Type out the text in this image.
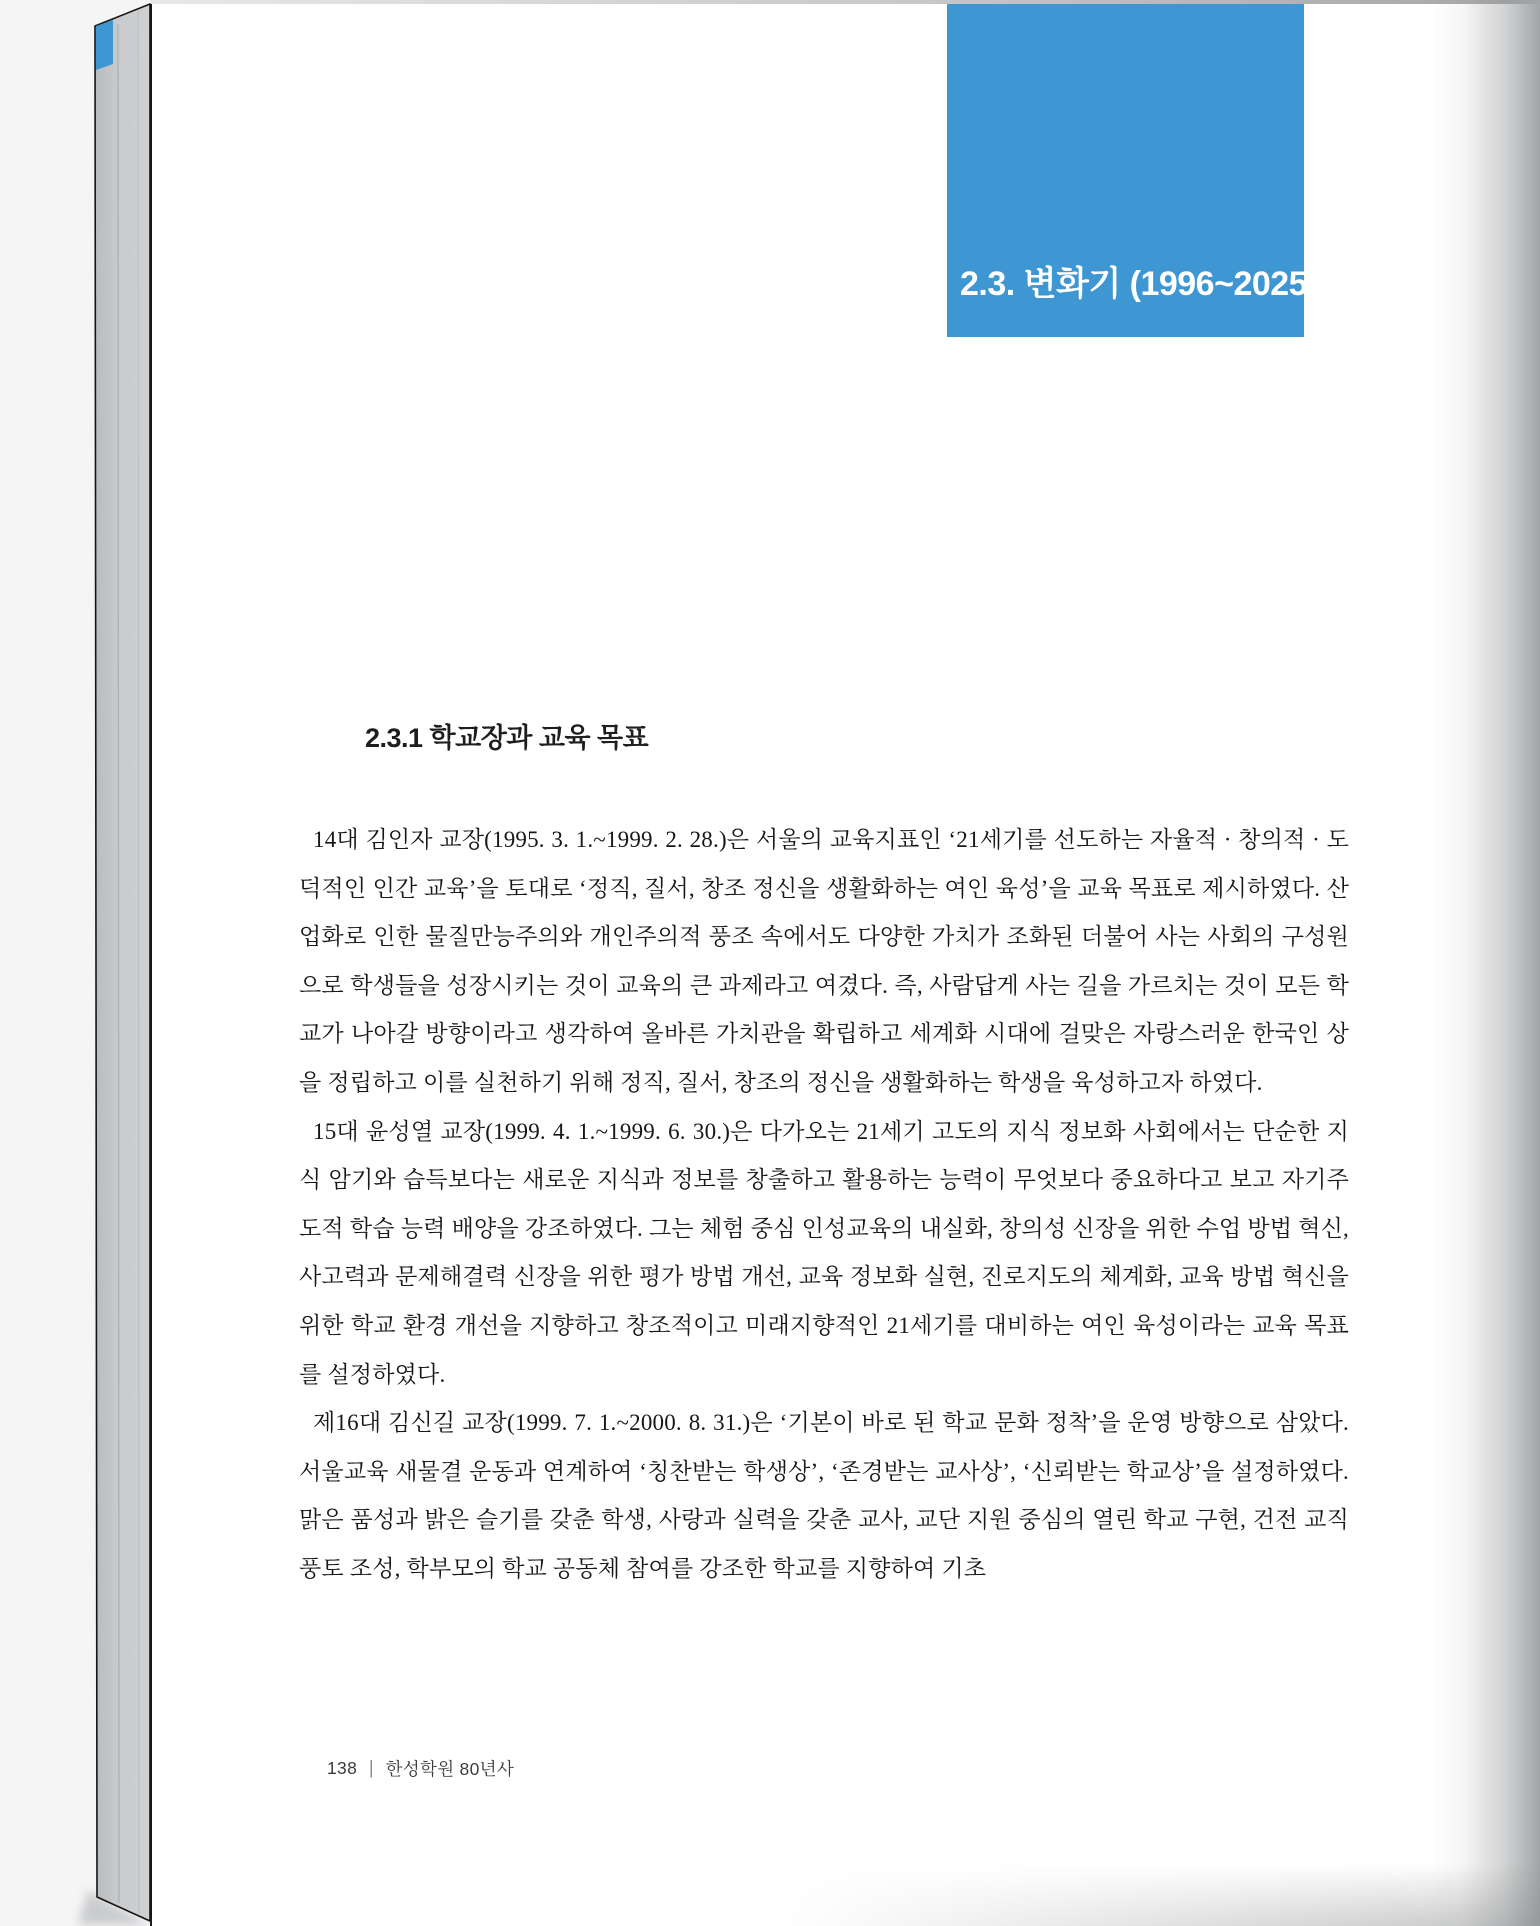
2.3. 변화기 (1996~2025)
2.3.1 학교장과 교육 목표

14대 김인자 교장(1995. 3. 1.~1999. 2. 28.)은 서울의 교육지표인 ‘21세기를 선도하는 자율적 · 창의적 · 도덕적인 인간 교육’을 토대로 ‘정직, 질서, 창조 정신을 생활화하는 여인 육성’을 교육 목표로 제시하였다. 산업화로 인한 물질만능주의와 개인주의적 풍조 속에서도 다양한 가치가 조화된 더불어 사는 사회의 구성원으로 학생들을 성장시키는 것이 교육의 큰 과제라고 여겼다. 즉, 사람답게 사는 길을 가르치는 것이 모든 학교가 나아갈 방향이라고 생각하여 올바른 가치관을 확립하고 세계화 시대에 걸맞은 자랑스러운 한국인 상을 정립하고 이를 실천하기 위해 정직, 질서, 창조의 정신을 생활화하는 학생을 육성하고자 하였다.

15대 윤성열 교장(1999. 4. 1.~1999. 6. 30.)은 다가오는 21세기 고도의 지식 정보화 사회에서는 단순한 지식 암기와 습득보다는 새로운 지식과 정보를 창출하고 활용하는 능력이 무엇보다 중요하다고 보고 자기주도적 학습 능력 배양을 강조하였다. 그는 체험 중심 인성교육의 내실화, 창의성 신장을 위한 수업 방법 혁신, 사고력과 문제해결력 신장을 위한 평가 방법 개선, 교육 정보화 실현, 진로지도의 체계화, 교육 방법 혁신을 위한 학교 환경 개선을 지향하고 창조적이고 미래지향적인 21세기를 대비하는 여인 육성이라는 교육 목표를 설정하였다.

제16대 김신길 교장(1999. 7. 1.~2000. 8. 31.)은 ‘기본이 바로 된 학교 문화 정착’을 운영 방향으로 삼았다. 서울교육 새물결 운동과 연계하여 ‘칭찬받는 학생상’, ‘존경받는 교사상’, ‘신뢰받는 학교상’을 설정하였다. 맑은 품성과 밝은 슬기를 갖춘 학생, 사랑과 실력을 갖춘 교사, 교단 지원 중심의 열린 학교 구현, 건전 교직 풍토 조성, 학부모의 학교 공동체 참여를 강조한 학교를 지향하여 기초

138 | 한성학원 80년사
